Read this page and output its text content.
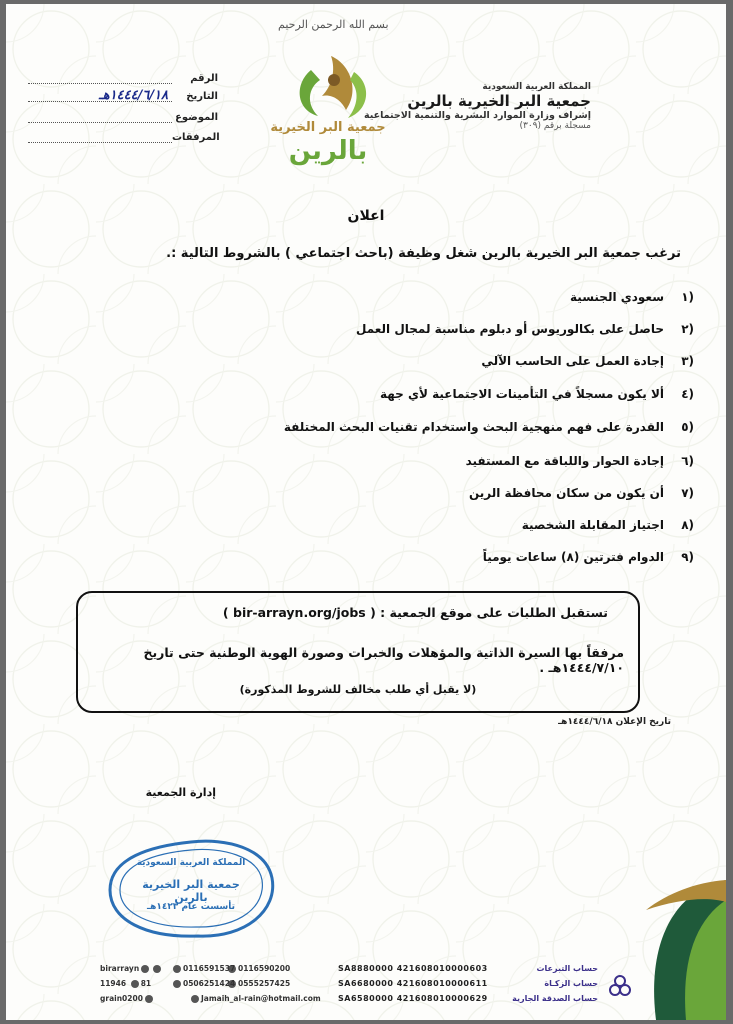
بسم الله الرحمن الرحيم
جمعية البر الخيرية
بالرين
الرقم
التاريخ
١٤٤٤/٦/١٨هـ
الموضوع
المرفقات
المملكة العربية السعودية
جمعية البر الخيرية بالرين
إشراف وزارة الموارد البشرية والتنمية الاجتماعية
مسجلة برقم (٣٠٩)
اعلان
ترغب جمعية البر الخيرية بالرين شغل وظيفة (باحث اجتماعي ) بالشروط التالية :.
(١سعودي الجنسية
(٢حاصل على بكالوريوس أو دبلوم مناسبة لمجال العمل
(٣إجادة العمل على الحاسب الآلي
(٤ألا يكون مسجلاً في التأمينات الاجتماعية لأي جهة
(٥القدرة على فهم منهجية البحث واستخدام تقنيات البحث المختلفة
(٦إجادة الحوار واللباقة مع المستفيد
(٧أن يكون من سكان محافظة الرين
(٨اجتياز المقابلة الشخصية
(٩الدوام فترتين (٨) ساعات يومياً
تستقبل الطلبات على موقع الجمعية : ( bir-arrayn.org/jobs )
مرفقاً بها السيرة الذاتية والمؤهلات والخبرات وصورة الهوية الوطنية حتى تاريخ ١٤٤٤/٧/١٠هـ .
(لا يقبل أي طلب مخالف للشروط المذكورة)
تاريخ الإعلان ١٤٤٤/٦/١٨هـ
إدارة الجمعية
المملكة العربية السعودية
جمعية البر الخيرية بالرين
تأسست عام ١٤٢٣هـ
حساب التبرعات
SA8880000 421608010000603
حساب الزكـاة
SA6680000 421608010000611
حساب الصدقة الجارية
SA6580000 421608010000629
0116590200
0116591537
0555257425
0506251424
Jamaih_al-rain@hotmail.com
birarrayn
11946 81
grain0200
